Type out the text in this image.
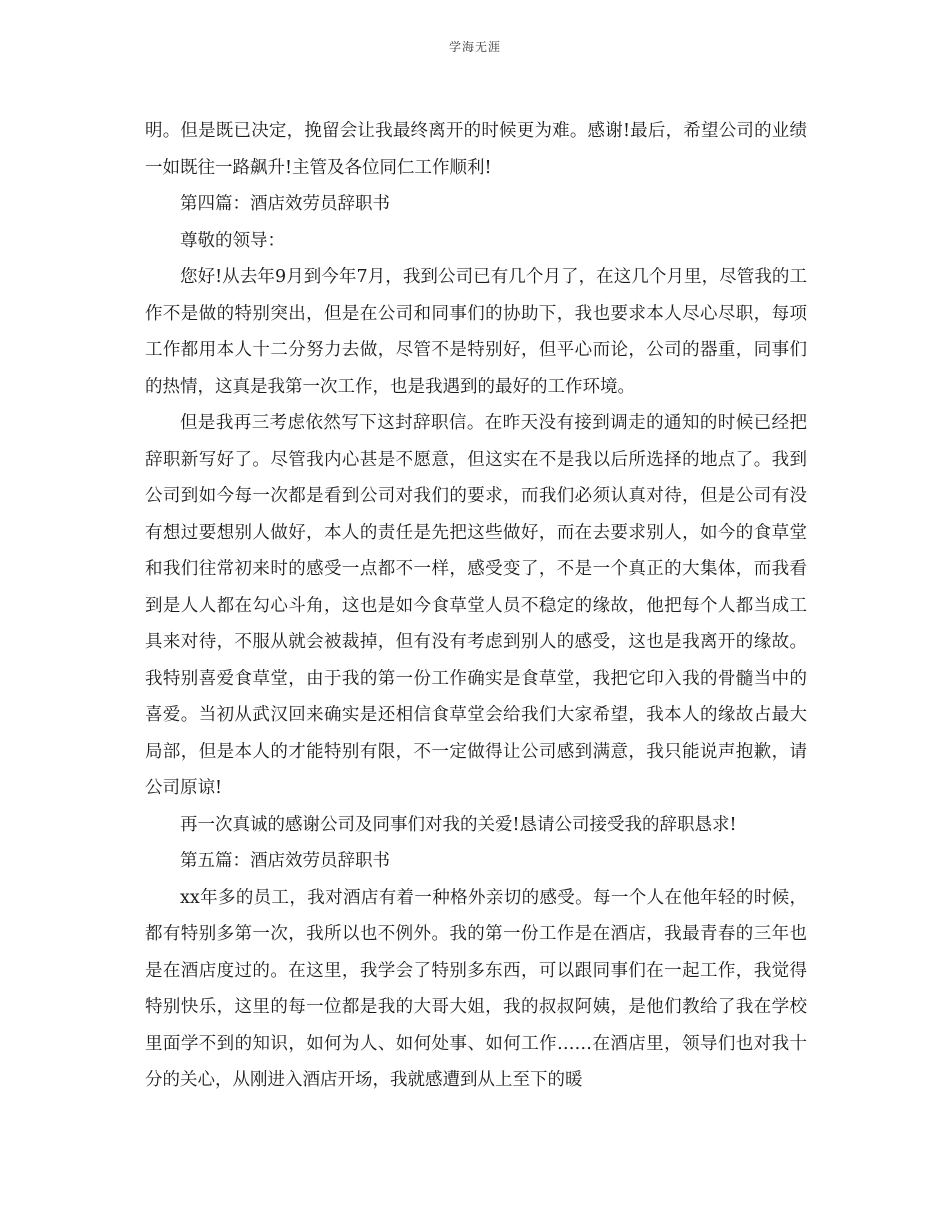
学海无涯

明。但是既已决定，挽留会让我最终离开的时候更为难。感谢!最后，希望公司的业绩一如既往一路飙升!主管及各位同仁工作顺利!

第四篇：酒店效劳员辞职书

尊敬的领导：

您好!从去年9月到今年7月，我到公司已有几个月了，在这几个月里，尽管我的工作不是做的特别突出，但是在公司和同事们的协助下，我也要求本人尽心尽职，每项工作都用本人十二分努力去做，尽管不是特别好，但平心而论，公司的器重，同事们的热情，这真是我第一次工作，也是我遇到的最好的工作环境。

但是我再三考虑依然写下这封辞职信。在昨天没有接到调走的通知的时候已经把辞职新写好了。尽管我内心甚是不愿意，但这实在不是我以后所选择的地点了。我到公司到如今每一次都是看到公司对我们的要求，而我们必须认真对待，但是公司有没有想过要想别人做好，本人的责任是先把这些做好，而在去要求别人，如今的食草堂和我们往常初来时的感受一点都不一样，感受变了，不是一个真正的大集体，而我看到是人人都在勾心斗角，这也是如今食草堂人员不稳定的缘故，他把每个人都当成工具来对待，不服从就会被裁掉，但有没有考虑到别人的感受，这也是我离开的缘故。我特别喜爱食草堂，由于我的第一份工作确实是食草堂，我把它印入我的骨髓当中的喜爱。当初从武汉回来确实是还相信食草堂会给我们大家希望，我本人的缘故占最大局部，但是本人的才能特别有限，不一定做得让公司感到满意，我只能说声抱歉，请公司原谅!

再一次真诚的感谢公司及同事们对我的关爱!恳请公司接受我的辞职恳求!

第五篇：酒店效劳员辞职书

xx年多的员工，我对酒店有着一种格外亲切的感受。每一个人在他年轻的时候，都有特别多第一次，我所以也不例外。我的第一份工作是在酒店，我最青春的三年也是在酒店度过的。在这里，我学会了特别多东西，可以跟同事们在一起工作，我觉得特别快乐，这里的每一位都是我的大哥大姐，我的叔叔阿姨，是他们教给了我在学校里面学不到的知识，如何为人、如何处事、如何工作……在酒店里，领导们也对我十分的关心，从刚进入酒店开场，我就感遭到从上至下的暖
